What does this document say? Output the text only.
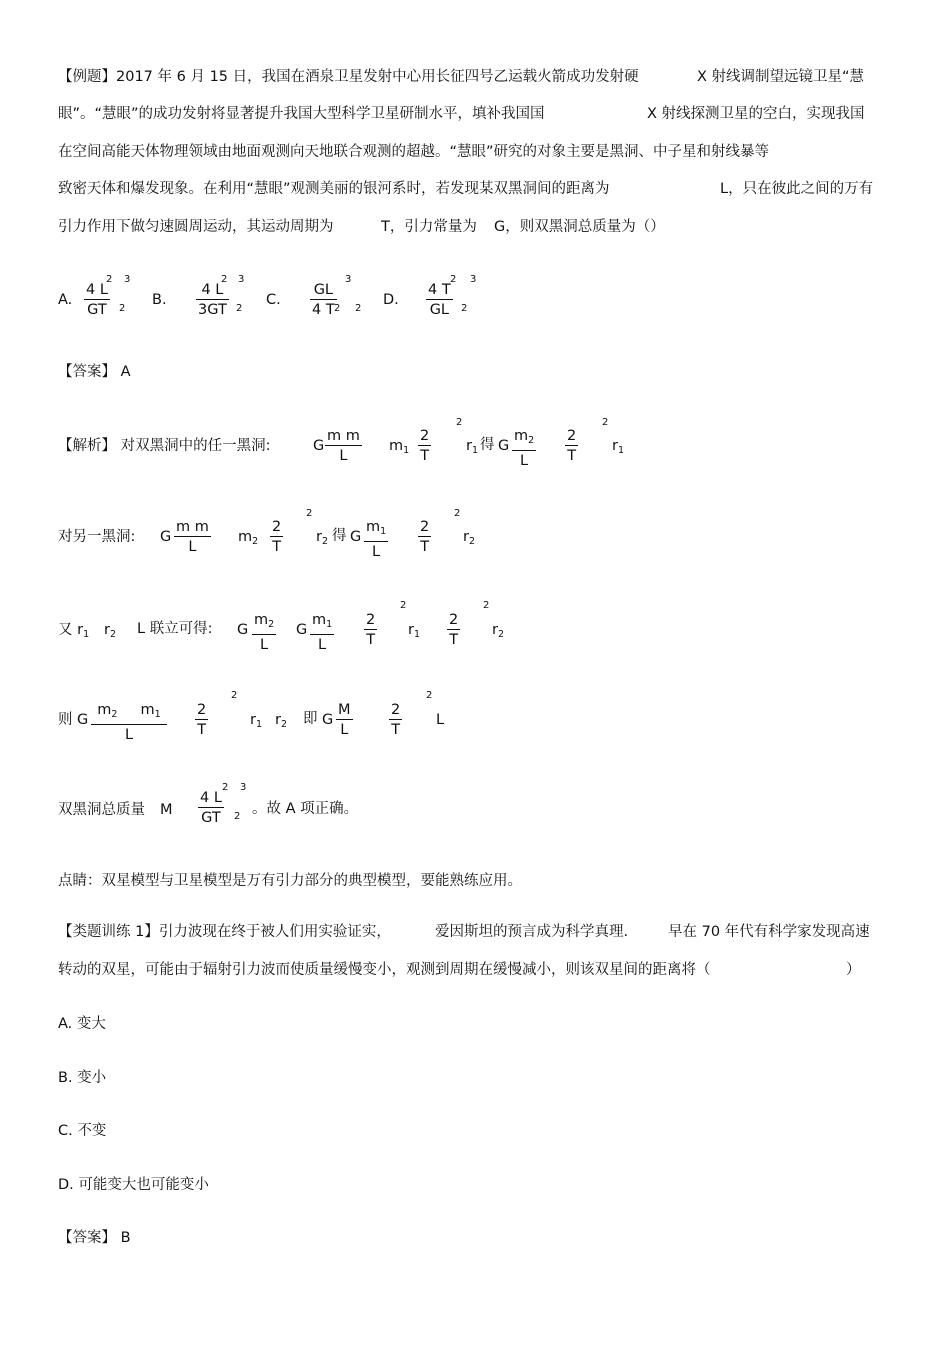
【例题】2017 年 6 月 15 日，我国在酒泉卫星发射中心用长征四号乙运载火箭成功发射硬	X 射线调制望远镜卫星“慧
眼”。“慧眼”的成功发射将显著提升我国大型科学卫星研制水平，填补我国国	X 射线探测卫星的空白，实现我国
在空间高能天体物理领域由地面观测向天地联合观测的超越。“慧眼”研究的对象主要是黑洞、中子星和射线暴等
致密天体和爆发现象。在利用“慧眼”观测美丽的银河系时，若发现某双黑洞间的距离为	L，只在彼此之间的万有
引力作用下做匀速圆周运动，其运动周期为	T，引力常量为 G，则双黑洞总质量为（）
A. $\frac{4 L}{GT}$
2 3
2
B. $\frac{4 L}{3GT}$
2 3
2
C. $\frac{GL}{4 T}$
3
2 2
D. $\frac{4 T}{GL}$
2 3
2
【答案】 A
【解析】 对双黑洞中的任一黑洞:	G $\frac{\text{m m}}{L} m_1 \frac{2}{T}$
2
$r_1$ 得 G $\frac{m_2}{L} \frac{2}{T}$
2
$r_1$
对另一黑洞: G $\frac{\text{m m}}{L} m_2 \frac{2}{T}$
2
$r_2$ 得 G $\frac{m_1}{L} \frac{2}{T}$
2
$r_2$
又 $r_1$ $r_2$ L 联立可得: G $\frac{m_2}{L}$ G $\frac{m_1}{L} \frac{2}{T}$
2
$r_1 \frac{2}{T}$
2
$r_2$
则 G $\frac{m_2 m_1}{L} \frac{2}{T}$
2
$r_1$ $r_2$ 即 G $\frac{M}{L}$	$\frac{2}{T}$
2
L
双黑洞总质量 M $\frac{4 L}{GT}$
2 3
2 。故 A 项正确。
点睛：双星模型与卫星模型是万有引力部分的典型模型，要能熟练应用。
【类题训练 1】引力波现在终于被人们用实验证实，	爱因斯坦的预言成为科学真理.	早在 70 年代有科学家发现高速
转动的双星，可能由于辐射引力波而使质量缓慢变小，观测到周期在缓慢减小，则该双星间的距离将（	）
A. 变大
B. 变小
C. 不变
D. 可能变大也可能变小
【答案】 B
